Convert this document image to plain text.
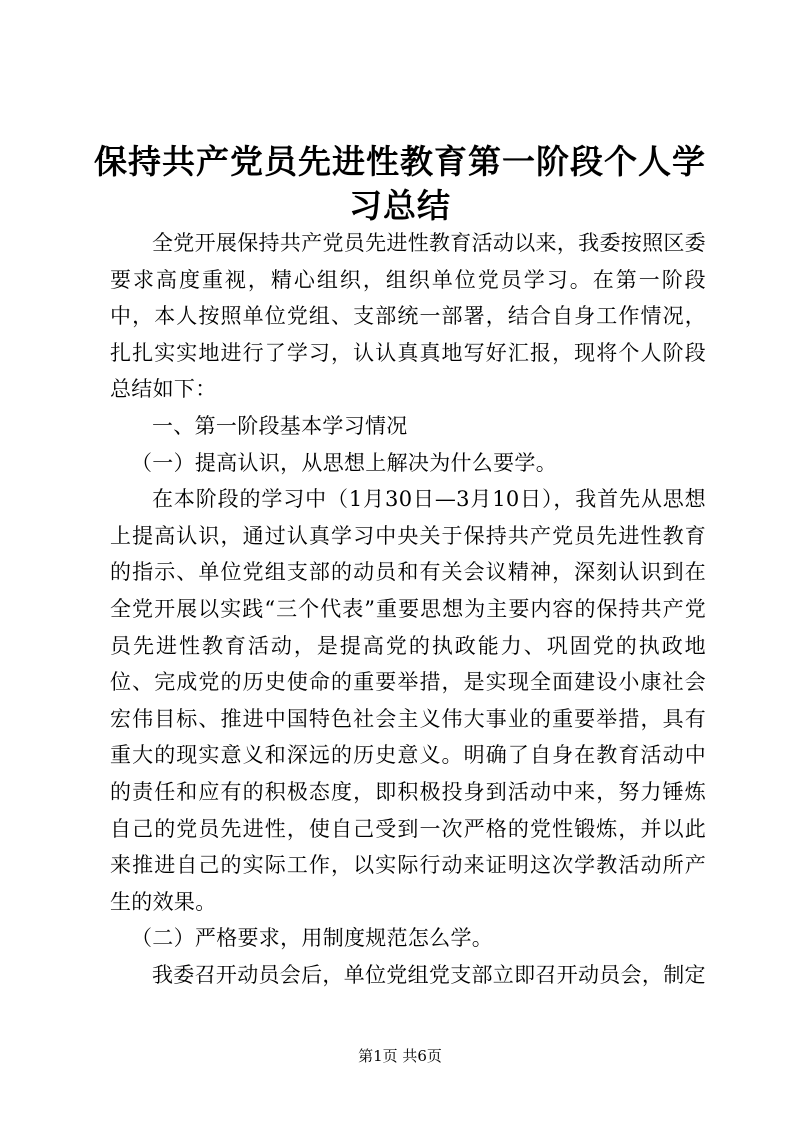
保持共产党员先进性教育第一阶段个人学习总结

全党开展保持共产党员先进性教育活动以来，我委按照区委要求高度重视，精心组织，组织单位党员学习。在第一阶段中，本人按照单位党组、支部统一部署，结合自身工作情况，扎扎实实地进行了学习，认认真真地写好汇报，现将个人阶段总结如下：

一、第一阶段基本学习情况

（一）提高认识，从思想上解决为什么要学。

在本阶段的学习中（1月30日—3月10日），我首先从思想上提高认识，通过认真学习中央关于保持共产党员先进性教育的指示、单位党组支部的动员和有关会议精神，深刻认识到在全党开展以实践“三个代表”重要思想为主要内容的保持共产党员先进性教育活动，是提高党的执政能力、巩固党的执政地位、完成党的历史使命的重要举措，是实现全面建设小康社会宏伟目标、推进中国特色社会主义伟大事业的重要举措，具有重大的现实意义和深远的历史意义。明确了自身在教育活动中的责任和应有的积极态度，即积极投身到活动中来，努力锤炼自己的党员先进性，使自己受到一次严格的党性锻炼，并以此来推进自己的实际工作，以实际行动来证明这次学教活动所产生的效果。

（二）严格要求，用制度规范怎么学。

我委召开动员会后，单位党组党支部立即召开动员会，制定

第1页 共6页
